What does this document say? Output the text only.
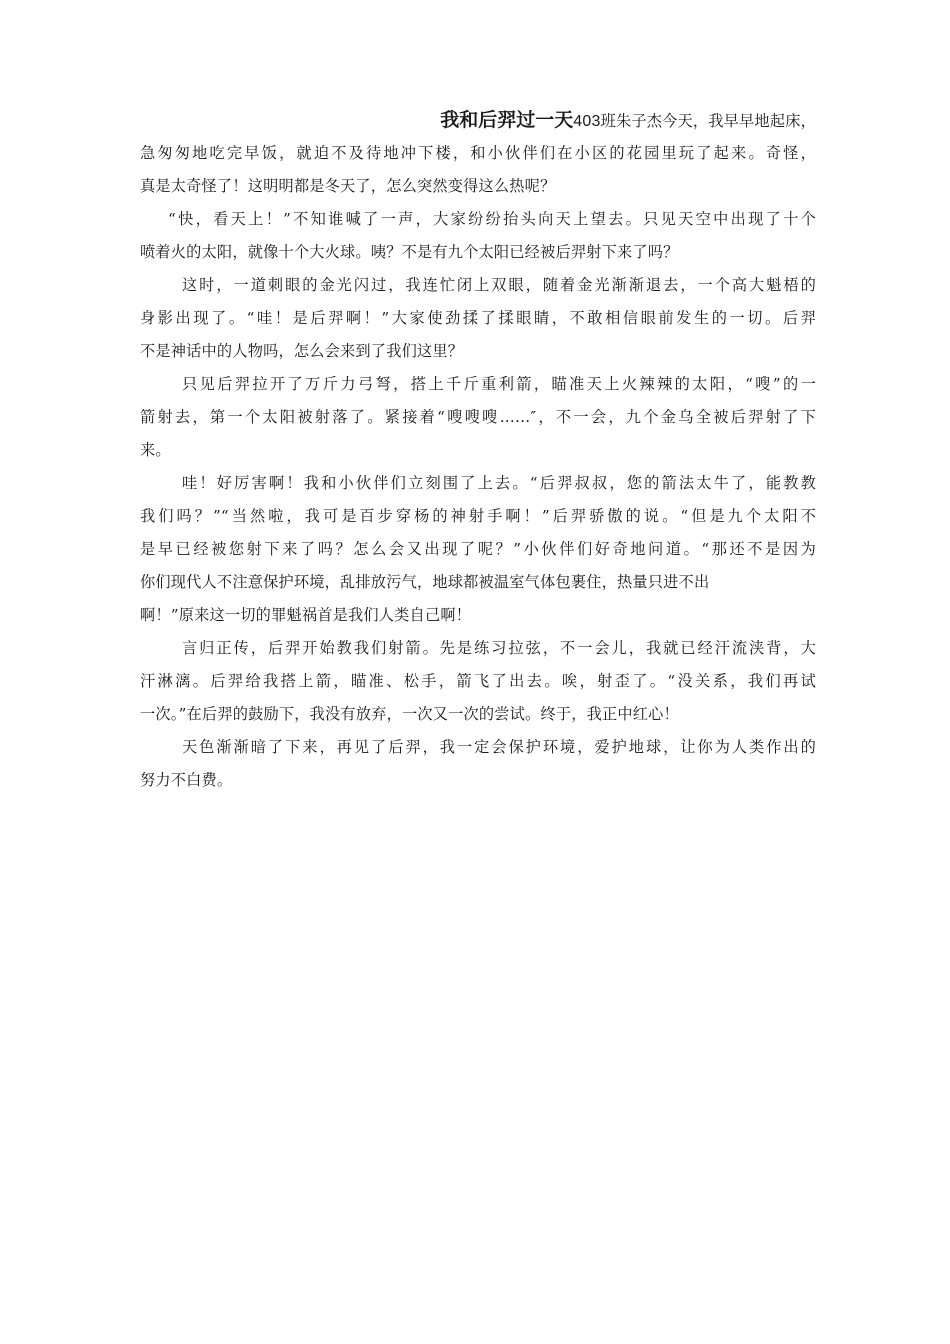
我和后羿过一天403班朱子杰今天，我早早地起床，
急匆匆地吃完早饭，就迫不及待地冲下楼，和小伙伴们在小区的花园里玩了起来。奇怪，
真是太奇怪了！这明明都是冬天了，怎么突然变得这么热呢？
“快，看天上！”不知谁喊了一声，大家纷纷抬头向天上望去。只见天空中出现了十个
喷着火的太阳，就像十个大火球。咦？不是有九个太阳已经被后羿射下来了吗？
这时，一道刺眼的金光闪过，我连忙闭上双眼，随着金光渐渐退去，一个高大魁梧的
身影出现了。“哇！是后羿啊！”大家使劲揉了揉眼睛，不敢相信眼前发生的一切。后羿
不是神话中的人物吗，怎么会来到了我们这里？
只见后羿拉开了万斤力弓弩，搭上千斤重利箭，瞄准天上火辣辣的太阳，“嗖”的一
箭射去，第一个太阳被射落了。紧接着“嗖嗖嗖……″，不一会，九个金乌全被后羿射了下
来。
哇！好厉害啊！我和小伙伴们立刻围了上去。“后羿叔叔，您的箭法太牛了，能教教
我们吗？”“当然啦，我可是百步穿杨的神射手啊！”后羿骄傲的说。“但是九个太阳不
是早已经被您射下来了吗？怎么会又出现了呢？”小伙伴们好奇地问道。“那还不是因为
你们现代人不注意保护环境，乱排放污气，地球都被温室气体包裹住，热量只进不出
啊！”原来这一切的罪魁祸首是我们人类自己啊！
言归正传，后羿开始教我们射箭。先是练习拉弦，不一会儿，我就已经汗流浃背，大
汗淋漓。后羿给我搭上箭，瞄准、松手，箭飞了出去。唉，射歪了。“没关系，我们再试
一次。”在后羿的鼓励下，我没有放弃，一次又一次的尝试。终于，我正中红心！
天色渐渐暗了下来，再见了后羿，我一定会保护环境，爱护地球，让你为人类作出的
努力不白费。
